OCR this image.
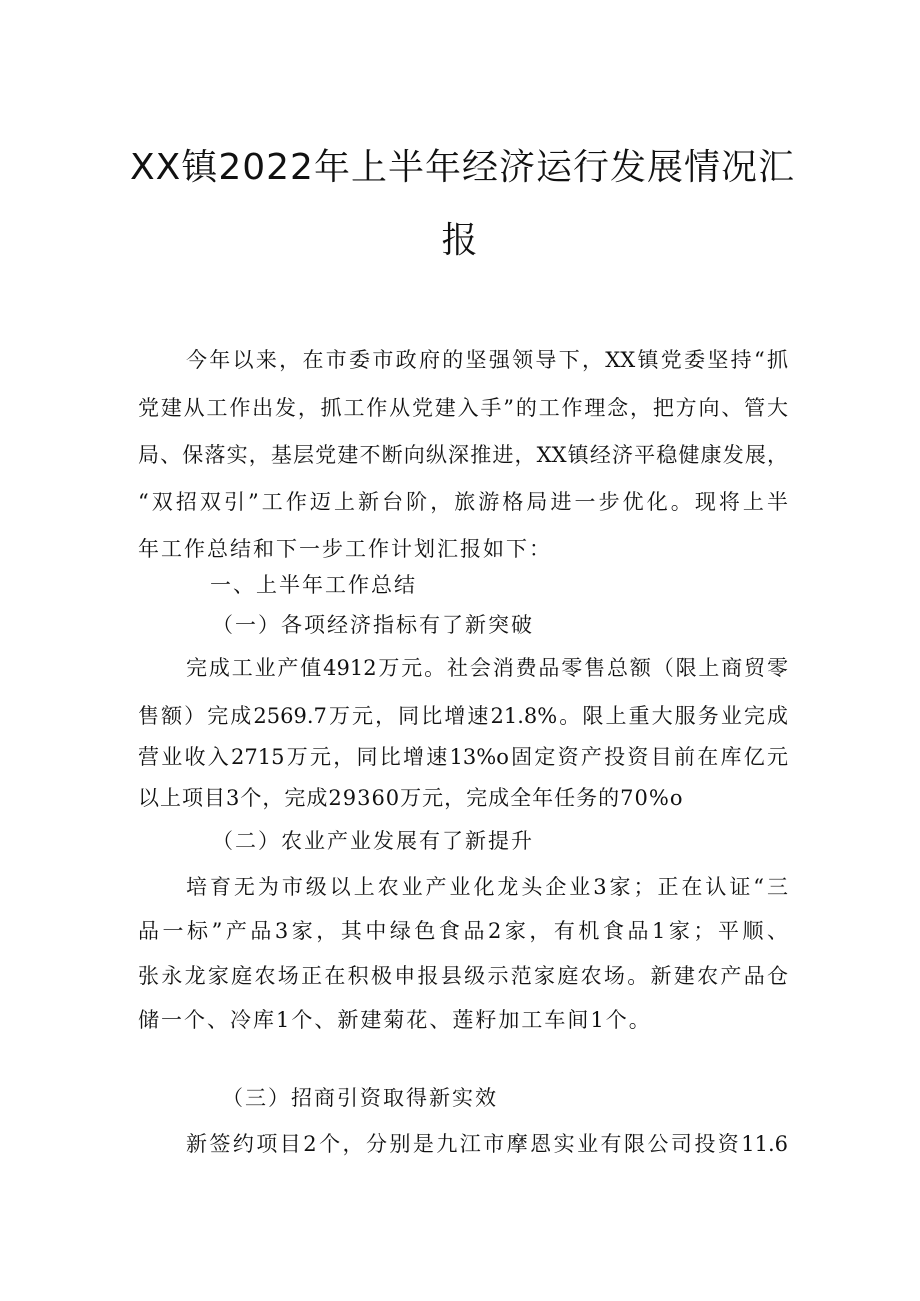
XX镇2022年上半年经济运行发展情况汇
报

今年以来，在市委市政府的坚强领导下，XX镇党委坚持“抓

党建从工作出发，抓工作从党建入手”的工作理念，把方向、管大

局、保落实，基层党建不断向纵深推进，XX镇经济平稳健康发展，

“双招双引”工作迈上新台阶，旅游格局进一步优化。现将上半

年工作总结和下一步工作计划汇报如下：

一、上半年工作总结

（一）各项经济指标有了新突破

完成工业产值4912万元。社会消费品零售总额（限上商贸零

售额）完成2569.7万元，同比增速21.8%。限上重大服务业完成

营业收入2715万元，同比增速13%o固定资产投资目前在库亿元

以上项目3个，完成29360万元，完成全年任务的70%o

（二）农业产业发展有了新提升

培育无为市级以上农业产业化龙头企业3家；正在认证“三

品一标”产品3家，其中绿色食品2家，有机食品1家；平顺、

张永龙家庭农场正在积极申报县级示范家庭农场。新建农产品仓

储一个、冷库1个、新建菊花、莲籽加工车间1个。

（三）招商引资取得新实效

新签约项目2个，分别是九江市摩恩实业有限公司投资11.6
